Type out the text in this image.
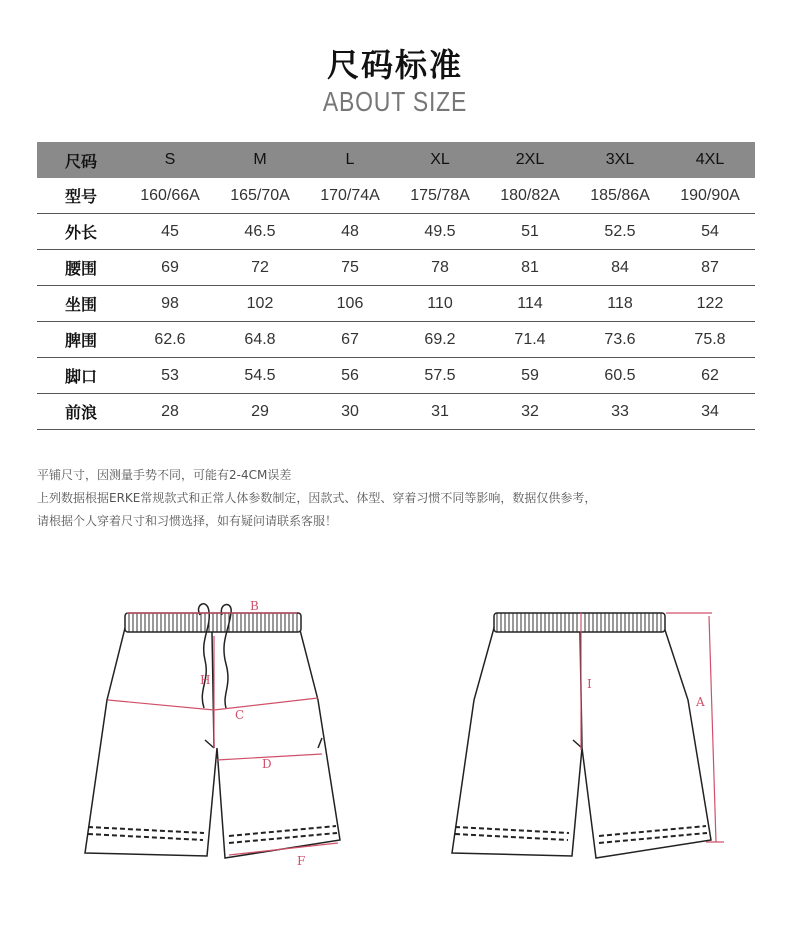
尺码标准
ABOUT SIZE
尺码	S	M	L	XL	2XL	3XL	4XL
型号	160/66A	165/70A	170/74A	175/78A	180/82A	185/86A	190/90A
外长	45	46.5	48	49.5	51	52.5	54
腰围	69	72	75	78	81	84	87
坐围	98	102	106	110	114	118	122
脾围	62.6	64.8	67	69.2	71.4	73.6	75.8
脚口	53	54.5	56	57.5	59	60.5	62
前浪	28	29	30	31	32	33	34
平铺尺寸，因测量手势不同，可能有2-4CM误差
上列数据根据ERKE常规款式和正常人体参数制定，因款式、体型、穿着习惯不同等影响，数据仅供参考，
请根据个人穿着尺寸和习惯选择，如有疑问请联系客服！
B
H
C
D
F
I
A
